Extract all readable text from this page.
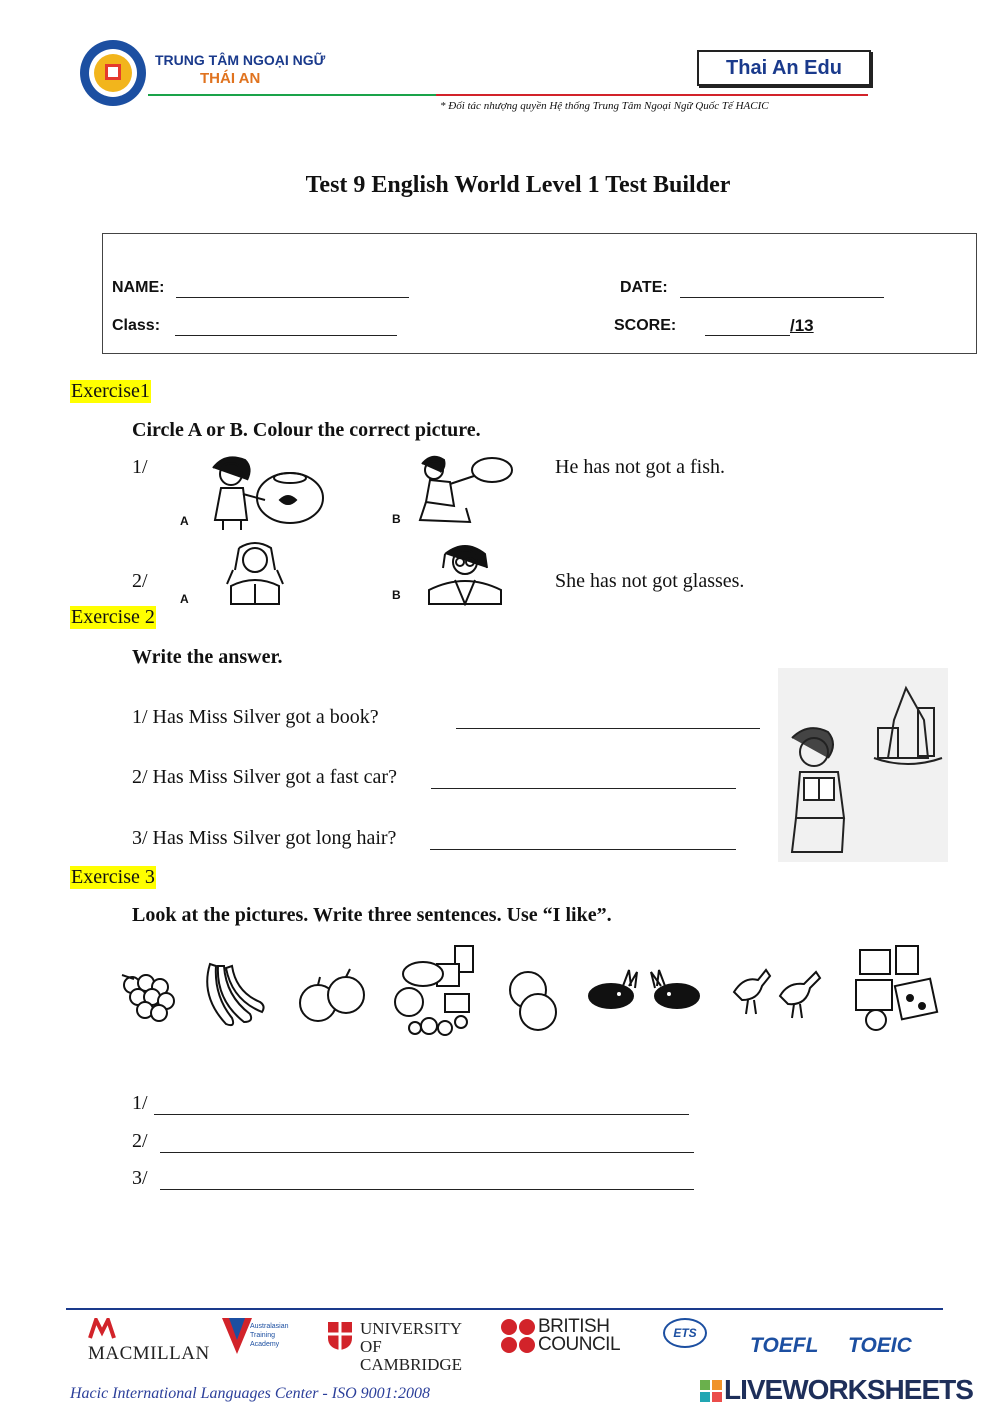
TRUNG TÂM NGOẠI NGỮ
THÁI AN	Thai An Edu
* Đối tác nhượng quyền Hệ thống Trung Tâm Ngoại Ngữ Quốc Tế HACIC
Test 9 English World Level 1 Test Builder
NAME:	DATE:
Class:	SCORE:	/13
Exercise1
Circle A or B. Colour the correct picture.
1/
A	B
He has not got a fish.
2/
A	B
She has not got glasses.
Exercise 2
Write the answer.
1/ Has Miss Silver got a book?
2/ Has Miss Silver got a fast car?
3/ Has Miss Silver got long hair?
Exercise 3
Look at the pictures. Write three sentences. Use “I like”.
1/
2/
3/
MACMILLAN
Australasian Training Academy
UNIVERSITY OF CAMBRIDGE
BRITISH COUNCIL
ETS
TOEFL TOEIC
Hacic International Languages Center - ISO 9001:2008	LIVEWORKSHEETS
